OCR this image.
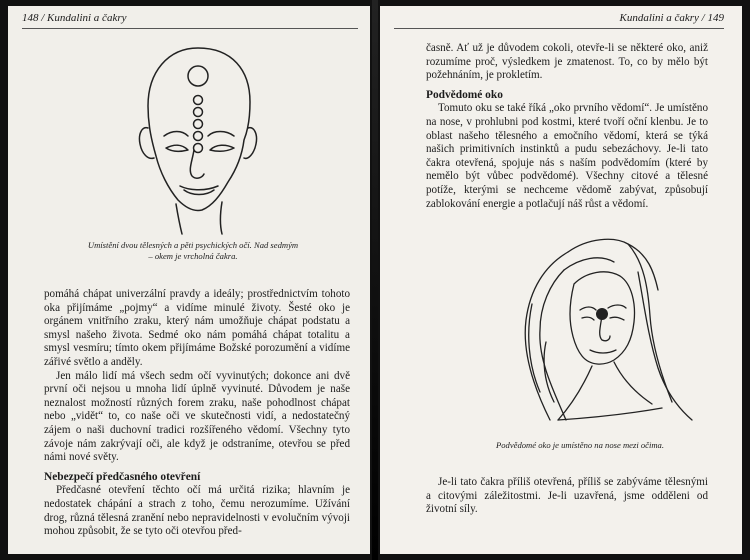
148 / Kundalini a čakry
Umístění dvou tělesných a pěti psychických očí. Nad sedmým
– okem je vrcholná čakra.

pomáhá chápat univerzální pravdy a ideály; prostřednictvím tohoto oka přijímáme „pojmy“ a vidíme minulé životy. Šesté oko je orgánem vnitřního zraku, který nám umožňuje chápat podstatu a smysl našeho života. Sedmé oko nám pomáhá chápat totalitu a smysl vesmíru; tímto okem přijímáme Božské porozumění a vidíme zářivé světlo a anděly.

Jen málo lidí má všech sedm očí vyvinutých; dokonce ani dvě první oči nejsou u mnoha lidí úplně vyvinuté. Důvodem je naše neznalost možností různých forem zraku, naše pohodlnost chápat nebo „vidět“ to, co naše oči ve skutečnosti vidí, a nedostatečný zájem o naši duchovní tradici rozšířeného vědomí. Všechny tyto závoje nám zakrývají oči, ale když je odstraníme, otevřou se před námi nové světy.

Nebezpečí předčasného otevření

Předčasné otevření těchto očí má určitá rizika; hlavním je nedostatek chápání a strach z toho, čemu nerozumíme. Užívání drog, různá tělesná zranění nebo nepravidelnosti v evolučním vývoji mohou způsobit, že se tyto oči otevřou před-

Kundalini a čakry / 149

časně. Ať už je důvodem cokoli, otevře-li se některé oko, aniž rozumíme proč, výsledkem je zmatenost. To, co by mělo být požehnáním, je prokletím.

Podvědomé oko

Tomuto oku se také říká „oko prvního vědomí“. Je umístěno na nose, v prohlubni pod kostmi, které tvoří oční klenbu. Je to oblast našeho tělesného a emočního vědomí, která se týká našich primitivních instinktů a pudu sebezáchovy. Je-li tato čakra otevřená, spojuje nás s naším podvědomím (které by nemělo být vůbec podvědomé). Všechny citové a tělesné potíže, kterými se nechceme vědomě zabývat, způsobují zablokování energie a potlačují náš růst a vědomí.

Podvědomé oko je umístěno na nose mezi očima.

Je-li tato čakra příliš otevřená, příliš se zabýváme tělesnými a citovými záležitostmi. Je-li uzavřená, jsme odděleni od životní síly.
